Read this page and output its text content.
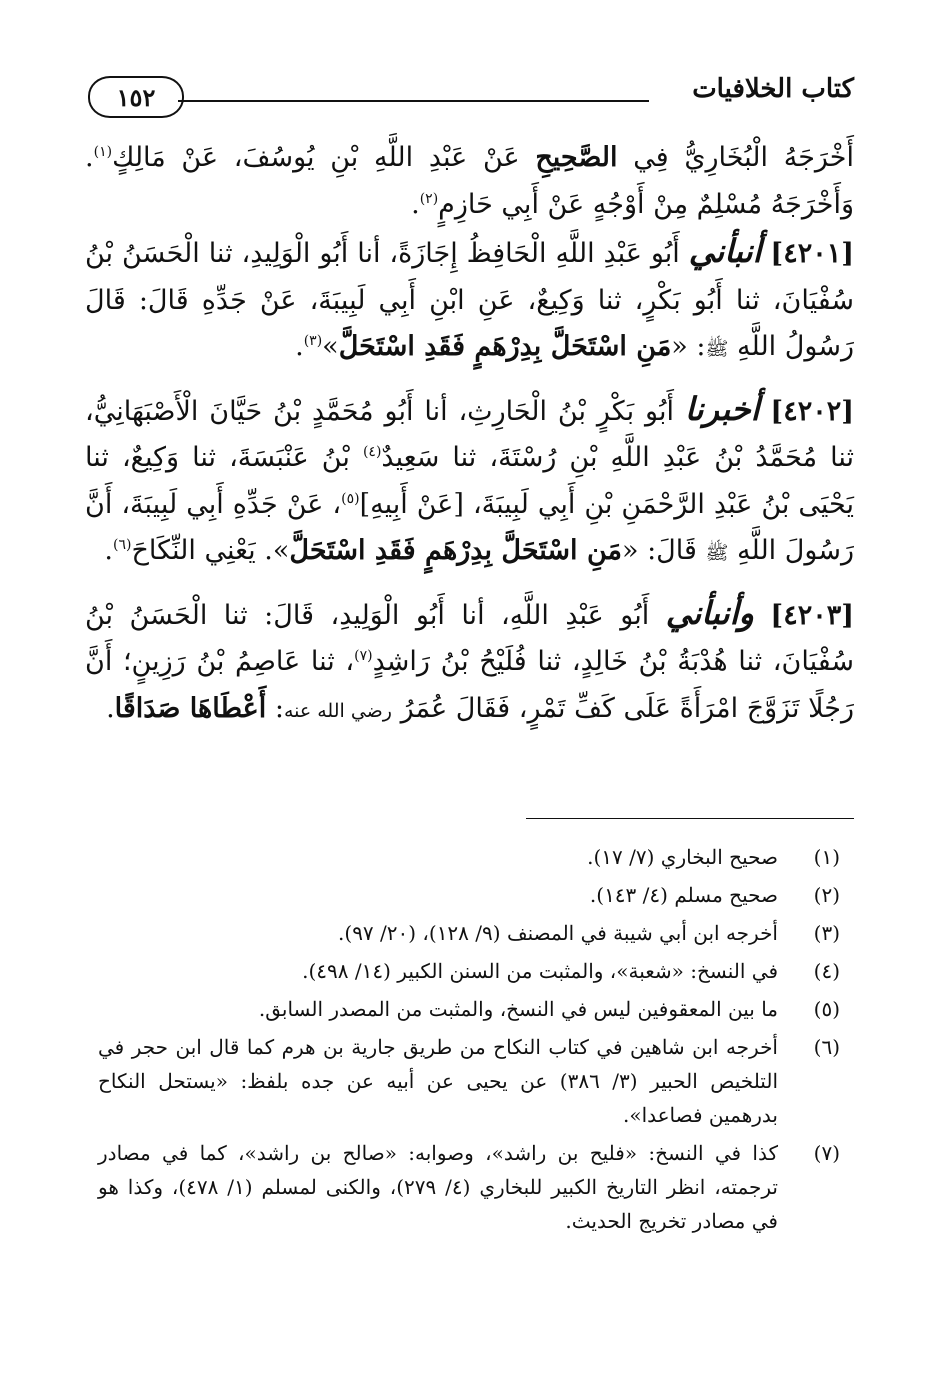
كتاب الخلافيات
١٥٢

أَخْرَجَهُ الْبُخَارِيُّ فِي الصَّحِيحِ عَنْ عَبْدِ اللَّهِ بْنِ يُوسُفَ، عَنْ مَالِكٍ$^{(١)}$. وَأَخْرَجَهُ مُسْلِمٌ مِنْ أَوْجُهٍ عَنْ أَبِي حَازِمٍ$^{(٢)}$.

[٤٢٠١] أنبأني أَبُو عَبْدِ اللَّهِ الْحَافِظُ إِجَازَةً، أنا أَبُو الْوَلِيدِ، ثنا الْحَسَنُ بْنُ سُفْيَانَ، ثنا أَبُو بَكْرٍ، ثنا وَكِيعٌ، عَنِ ابْنِ أَبِي لَبِيبَةَ، عَنْ جَدِّهِ قَالَ: قَالَ رَسُولُ اللَّهِ ﷺ: «مَنِ اسْتَحَلَّ بِدِرْهَمٍ فَقَدِ اسْتَحَلَّ»$^{(٣)}$.

[٤٢٠٢] أخبرنا أَبُو بَكْرٍ بْنُ الْحَارِثِ، أنا أَبُو مُحَمَّدٍ بْنُ حَيَّانَ الْأَصْبَهَانِيُّ، ثنا مُحَمَّدُ بْنُ عَبْدِ اللَّهِ بْنِ رُسْتَةَ، ثنا سَعِيدٌ$^{(٤)}$ بْنُ عَنْبَسَةَ، ثنا وَكِيعٌ، ثنا يَحْيَى بْنُ عَبْدِ الرَّحْمَنِ بْنِ أَبِي لَبِيبَةَ، [عَنْ أَبِيهِ]$^{(٥)}$، عَنْ جَدِّهِ أَبِي لَبِيبَةَ، أَنَّ رَسُولَ اللَّهِ ﷺ قَالَ: «مَنِ اسْتَحَلَّ بِدِرْهَمٍ فَقَدِ اسْتَحَلَّ». يَعْنِي النِّكَاحَ$^{(٦)}$.

[٤٢٠٣] وأنبأني أَبُو عَبْدِ اللَّهِ، أنا أَبُو الْوَلِيدِ، قَالَ: ثنا الْحَسَنُ بْنُ سُفْيَانَ، ثنا هُدْبَةُ بْنُ خَالِدٍ، ثنا فُلَيْحُ بْنُ رَاشِدٍ$^{(٧)}$، ثنا عَاصِمُ بْنُ رَزِينٍ؛ أَنَّ رَجُلًا تَزَوَّجَ امْرَأَةً عَلَى كَفِّ تَمْرٍ، فَقَالَ عُمَرُ رضي الله عنه: أَعْطَاهَا صَدَاقًا.

(١)
صحيح البخاري (٧/ ١٧).
(٢)
صحيح مسلم (٤/ ١٤٣).
(٣)
أخرجه ابن أبي شيبة في المصنف (٩/ ١٢٨)، (٢٠/ ٩٧).
(٤)
في النسخ: «شعبة»، والمثبت من السنن الكبير (١٤/ ٤٩٨).
(٥)
ما بين المعقوفين ليس في النسخ، والمثبت من المصدر السابق.
(٦)
أخرجه ابن شاهين في كتاب النكاح من طريق جارية بن هرم كما قال ابن حجر في التلخيص الحبير (٣/ ٣٨٦) عن يحيى عن أبيه عن جده بلفظ: «يستحل النكاح بدرهمين فصاعدا».
(٧)
كذا في النسخ: «فليح بن راشد»، وصوابه: «صالح بن راشد»، كما في مصادر ترجمته، انظر التاريخ الكبير للبخاري (٤/ ٢٧٩)، والكنى لمسلم (١/ ٤٧٨)، وكذا هو في مصادر تخريج الحديث.
